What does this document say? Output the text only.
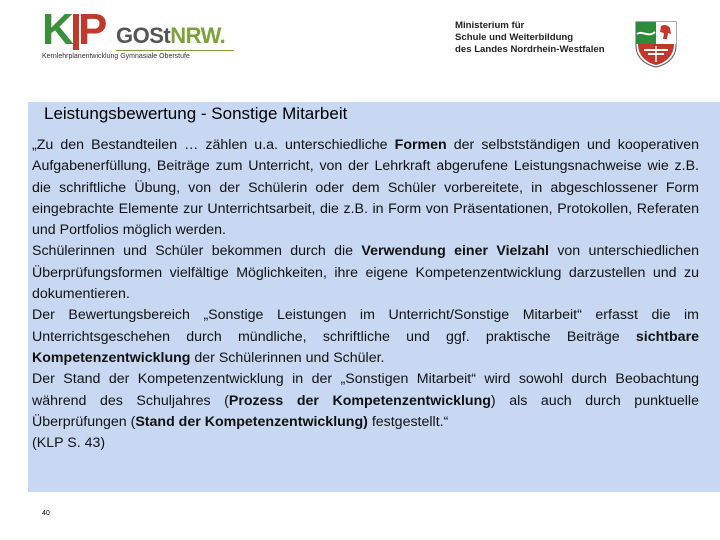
K P GOStNRW.
Kernlehrplanentwicklung Gymnasiale Oberstufe
Ministerium für
Schule und Weiterbildung
des Landes Nordrhein-Westfalen
Leistungsbewertung - Sonstige Mitarbeit

„Zu den Bestandteilen … zählen u.a. unterschiedliche Formen der selbstständigen und kooperativen Aufgabenerfüllung, Beiträge zum Unterricht, von der Lehrkraft abgerufene Leistungsnachweise wie z.B. die schriftliche Übung, von der Schülerin oder dem Schüler vorbereitete, in abgeschlossener Form eingebrachte Elemente zur Unterrichtsarbeit, die z.B. in Form von Präsentationen, Protokollen, Referaten und Portfolios möglich werden.

Schülerinnen und Schüler bekommen durch die Verwendung einer Vielzahl von unterschiedlichen Überprüfungsformen vielfältige Möglichkeiten, ihre eigene Kompetenzentwicklung darzustellen und zu dokumentieren.

Der Bewertungsbereich „Sonstige Leistungen im Unterricht/Sonstige Mitarbeit“ erfasst die im Unterrichtsgeschehen durch mündliche, schriftliche und ggf. praktische Beiträge sichtbare Kompetenzentwicklung der Schülerinnen und Schüler.

Der Stand der Kompetenzentwicklung in der „Sonstigen Mitarbeit“ wird sowohl durch Beobachtung während des Schuljahres (Prozess der Kompetenzentwicklung) als auch durch punktuelle Überprüfungen (Stand der Kompetenzentwicklung) festgestellt.“

(KLP S. 43)

40
